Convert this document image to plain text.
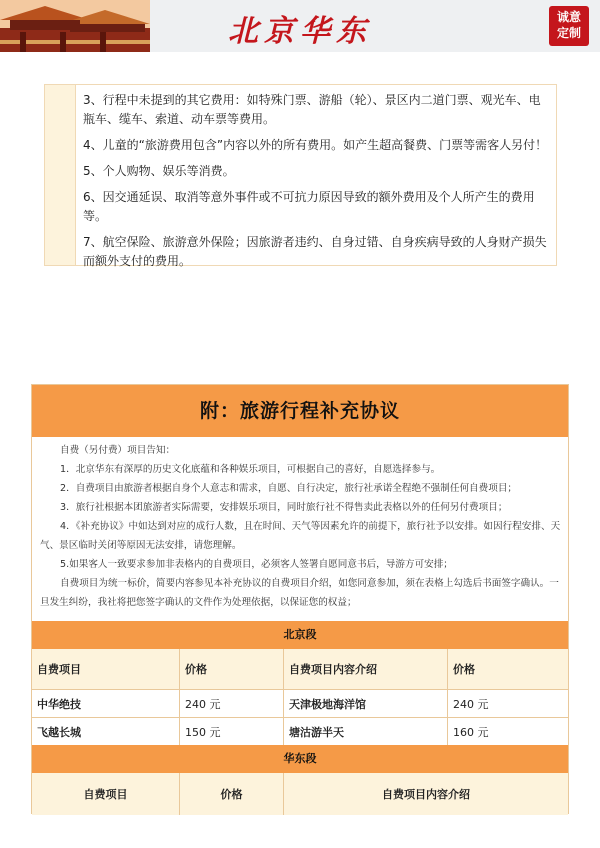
北京华东	诚意
定制

3、行程中未提到的其它费用：如特殊门票、游船（轮）、景区内二道门票、观光车、电瓶车、缆车、索道、动车票等费用。

4、儿童的“旅游费用包含”内容以外的所有费用。如产生超高餐费、门票等需客人另付！

5、个人购物、娱乐等消费。

6、因交通延误、取消等意外事件或不可抗力原因导致的额外费用及个人所产生的费用等。

7、航空保险、旅游意外保险；因旅游者违约、自身过错、自身疾病导致的人身财产损失而额外支付的费用。

附：旅游行程补充协议

自费（另付费）项目告知：

1．北京华东有深厚的历史文化底蕴和各种娱乐项目，可根据自己的喜好，自愿选择参与。

2．自费项目由旅游者根据自身个人意志和需求，自愿、自行决定，旅行社承诺全程绝不强制任何自费项目；

3．旅行社根据本团旅游者实际需要，安排娱乐项目，同时旅行社不得售卖此表格以外的任何另付费项目；

4．《补充协议》中如达到对应的成行人数，且在时间、天气等因素允许的前提下，旅行社予以安排。如因行程安排、天气、景区临时关闭等原因无法安排，请您理解。

5.如果客人一致要求参加非表格内的自费项目，必须客人签署自愿同意书后，导游方可安排；

自费项目为统一标价，简要内容参见本补充协议的自费项目介绍，如您同意参加，须在表格上勾选后书面签字确认。一旦发生纠纷，我社将把您签字确认的文件作为处理依据，以保证您的权益；

北京段
自费项目	价格	自费项目内容介绍	价格
中华绝技	240 元	天津极地海洋馆	240 元
飞越长城	150 元	塘沽游半天	160 元
华东段
自费项目	价格	自费项目内容介绍
